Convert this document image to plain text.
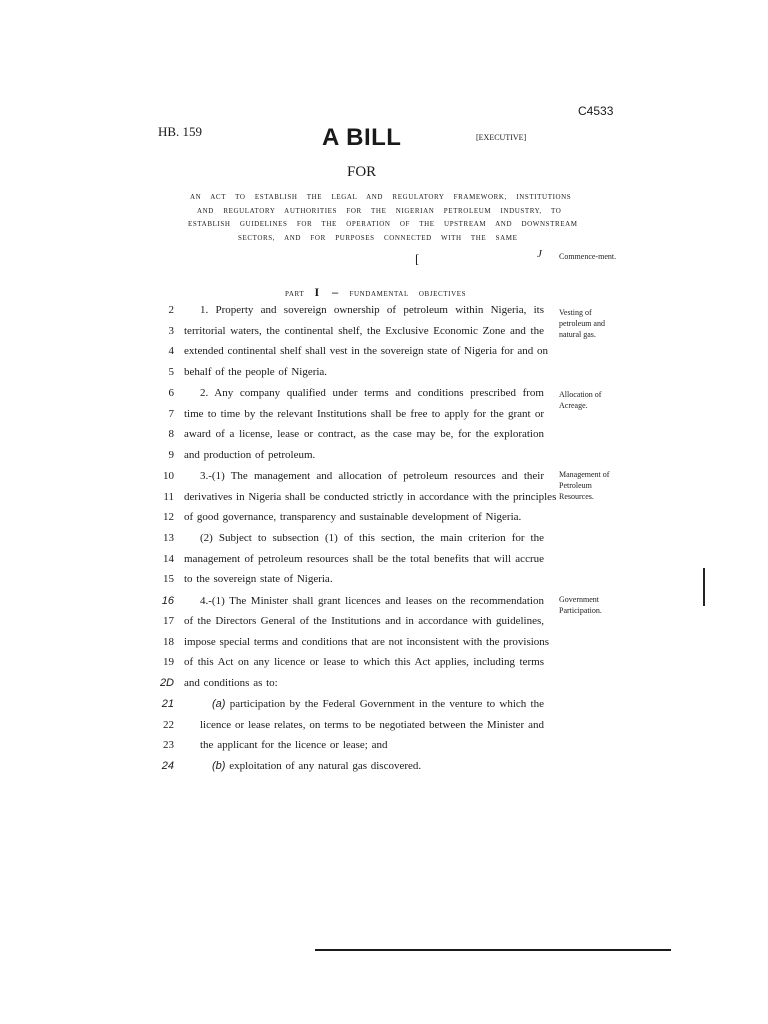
C4533
HB. 159	A BILL	[EXECUTIVE]
FOR
AN ACT TO ESTABLISH THE LEGAL AND REGULATORY FRAMEWORK, INSTITUTIONS
AND REGULATORY AUTHORITIES FOR THE NIGERIAN PETROLEUM INDUSTRY, TO
ESTABLISH GUIDELINES FOR THE OPERATION OF THE UPSTREAM AND DOWNSTREAM
SECTORS, AND FOR PURPOSES CONNECTED WITH THE SAME
[	J
PART I – FUNDAMENTAL OBJECTIVES
Commence-ment.
Vesting of petroleum and natural gas.
Allocation of Acreage.
Management of Petroleum Resources.
Government Participation.
2 1. Property and sovereign ownership of petroleum within Nigeria, its
3 territorial waters, the continental shelf, the Exclusive Economic Zone and the
4 extended continental shelf shall vest in the sovereign state of Nigeria for and on
5 behalf of the people of Nigeria.
6 2. Any company qualified under terms and conditions prescribed from
7 time to time by the relevant Institutions shall be free to apply for the grant or
8 award of a license, lease or contract, as the case may be, for the exploration
9 and production of petroleum.
10 3.-(1) The management and allocation of petroleum resources and their
11 derivatives in Nigeria shall be conducted strictly in accordance with the principles
12 of good governance, transparency and sustainable development of Nigeria.
13 (2) Subject to subsection (1) of this section, the main criterion for the
14 management of petroleum resources shall be the total benefits that will accrue
15 to the sovereign state of Nigeria.
16 4.-(1) The Minister shall grant licences and leases on the recommendation
17 of the Directors General of the Institutions and in accordance with guidelines,
18 impose special terms and conditions that are not inconsistent with the provisions
19 of this Act on any licence or lease to which this Act applies, including terms
2D and conditions as to:
21	(a) participation by the Federal Government in the venture to which the
22 licence or lease relates, on terms to be negotiated between the Minister and
23 the applicant for the licence or lease; and
24	(b) exploitation of any natural gas discovered.
